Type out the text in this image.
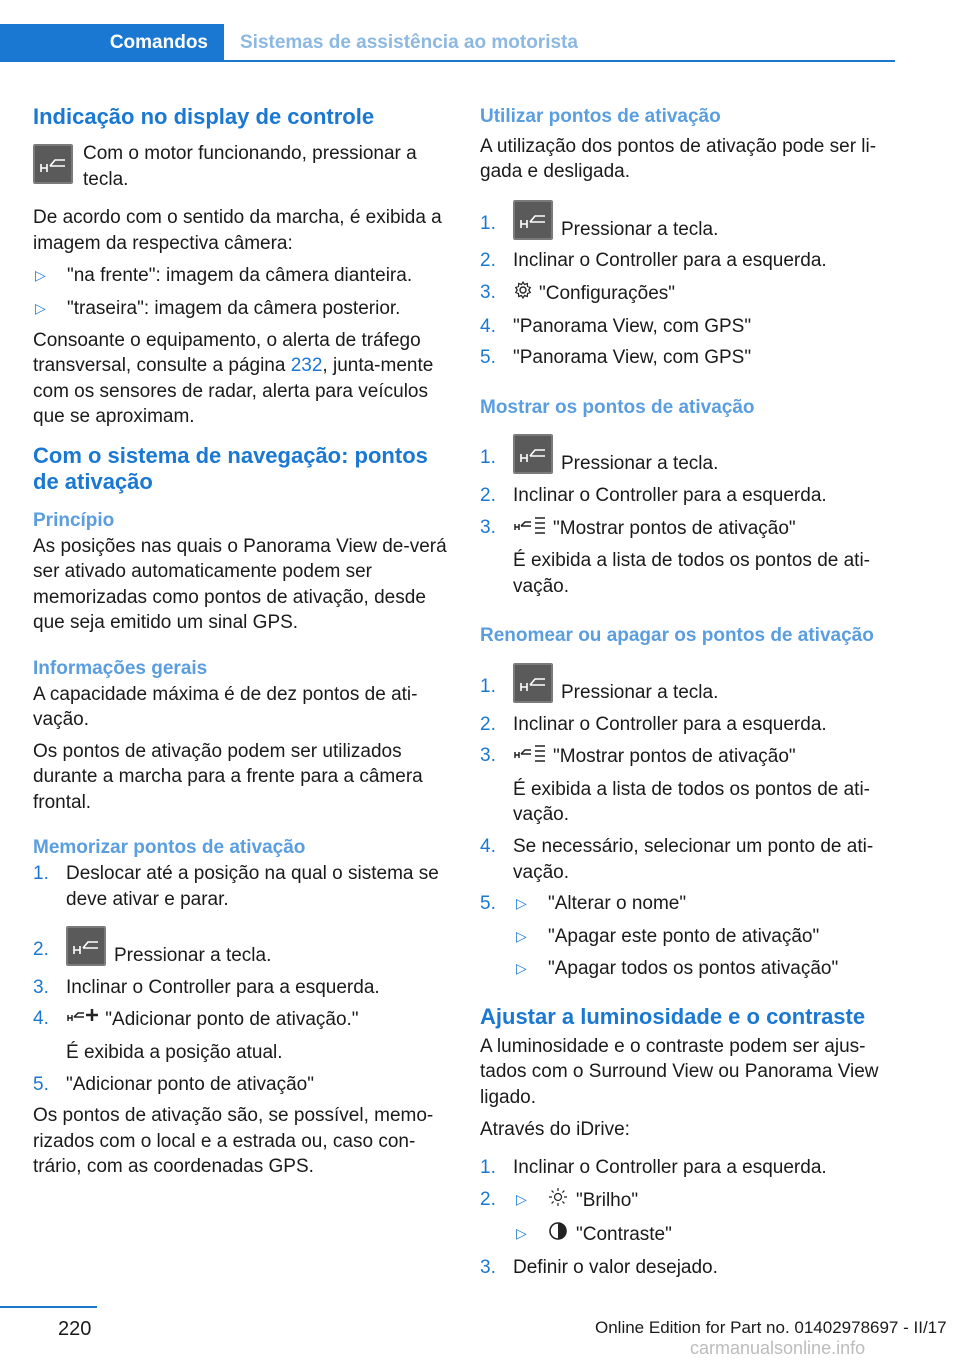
Comandos	Sistemas de assistência ao motorista
Indicação no display de controle

Com o motor funcionando, pressionar a tecla.

De acordo com o sentido da marcha, é exibida a imagem da respectiva câmera:

▷ "na frente": imagem da câmera dianteira.
▷ "traseira": imagem da câmera posterior.

Consoante o equipamento, o alerta de tráfego transversal, consulte a página 232, junta-mente com os sensores de radar, alerta para veículos que se aproximam.

Com o sistema de navegação: pontos de ativação
Princípio

As posições nas quais o Panorama View de-verá ser ativado automaticamente podem ser memorizadas como pontos de ativação, desde que seja emitido um sinal GPS.

Informações gerais

A capacidade máxima é de dez pontos de ati-vação.

Os pontos de ativação podem ser utilizados durante a marcha para a frente para a câmera frontal.

Memorizar pontos de ativação
1. Deslocar até a posição na qual o sistema se deve ativar e parar.
2.	Pressionar a tecla.
3. Inclinar o Controller para a esquerda.
4.	"Adicionar ponto de ativação."
É exibida a posição atual.
5. "Adicionar ponto de ativação"

Os pontos de ativação são, se possível, memo-rizados com o local e a estrada ou, caso con-trário, com as coordenadas GPS.

Utilizar pontos de ativação

A utilização dos pontos de ativação pode ser li-gada e desligada.

1.	Pressionar a tecla.
2. Inclinar o Controller para a esquerda.
3. "Configurações"
4. "Panorama View, com GPS"
5. "Panorama View, com GPS"
Mostrar os pontos de ativação
1.	Pressionar a tecla.
2. Inclinar o Controller para a esquerda.
3.	"Mostrar pontos de ativação"
É exibida a lista de todos os pontos de ati-vação.
Renomear ou apagar os pontos de ativação
1.	Pressionar a tecla.
2. Inclinar o Controller para a esquerda.
3.	"Mostrar pontos de ativação"
É exibida a lista de todos os pontos de ati-vação.
4. Se necessário, selecionar um ponto de ati-vação.
5. ▷ "Alterar o nome"
▷ "Apagar este ponto de ativação"
▷ "Apagar todos os pontos ativação"
Ajustar a luminosidade e o contraste

A luminosidade e o contraste podem ser ajus-tados com o Surround View ou Panorama View ligado.

Através do iDrive:

1. Inclinar o Controller para a esquerda.
2. ▷	"Brilho"
▷	"Contraste"
3. Definir o valor desejado.
220	Online Edition for Part no. 01402978697 - II/17
carmanualsonline.info
